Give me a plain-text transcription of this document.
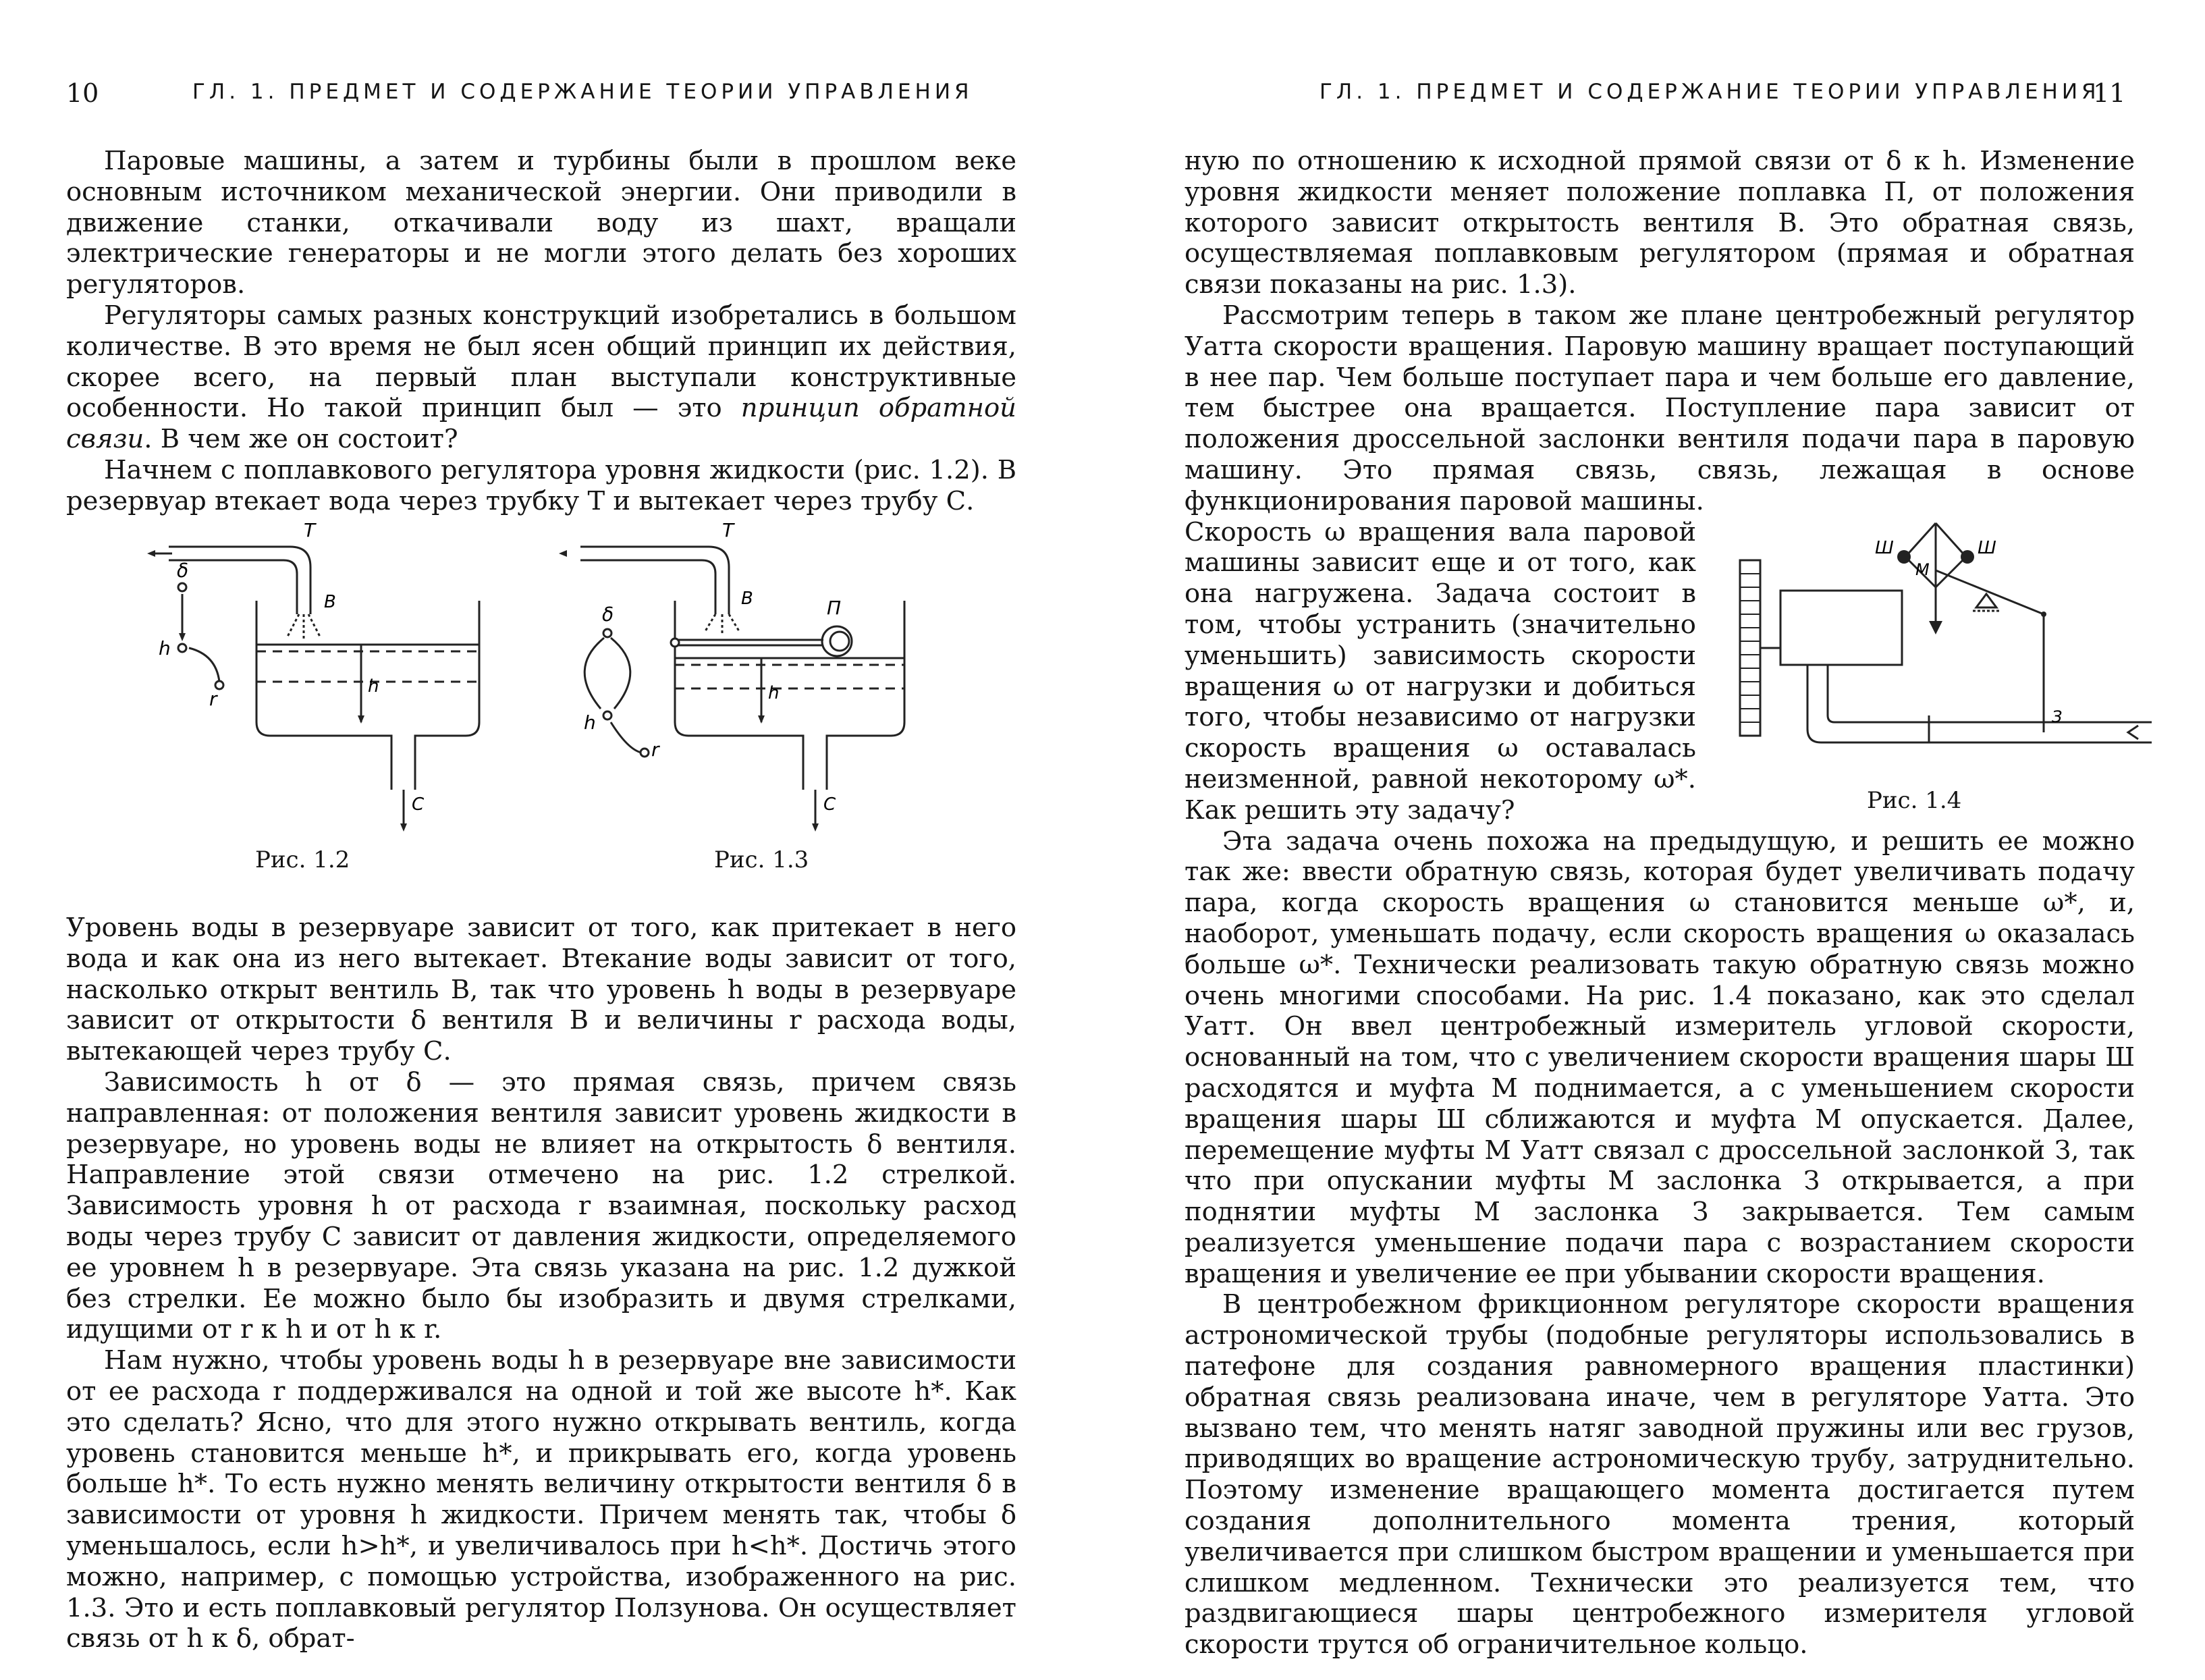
10	ГЛ. 1. ПРЕДМЕТ И СОДЕРЖАНИЕ ТЕОРИИ УПРАВЛЕНИЯ

Паровые машины, а затем и турбины были в прошлом веке основным источником механической энергии. Они приводили в движение станки, откачивали воду из шахт, вращали электрические генераторы и не могли этого делать без хороших регуляторов.

Регуляторы самых разных конструкций изобретались в большом количестве. В это время не был ясен общий принцип их действия, скорее всего, на первый план выступали конструктивные особенности. Но такой принцип был — это принцип обратной связи. В чем же он состоит?

Начнем с поплавкового регулятора уровня жидкости (рис. 1.2). В резервуар втекает вода через трубку Т и вытекает через трубу С.

Т
В
С
h
δ
h
r
Рис. 1.2
Т
В	П
С
h
δ
h
r
Рис. 1.3

Уровень воды в резервуаре зависит от того, как притекает в него вода и как она из него вытекает. Втекание воды зависит от того, насколько открыт вентиль В, так что уровень h воды в резервуаре зависит от открытости δ вентиля В и величины r расхода воды, вытекающей через трубу С.

Зависимость h от δ — это прямая связь, причем связь направленная: от положения вентиля зависит уровень жидкости в резервуаре, но уровень воды не влияет на открытость δ вентиля. Направление этой связи отмечено на рис. 1.2 стрелкой. Зависимость уровня h от расхода r взаимная, поскольку расход воды через трубу С зависит от давления жидкости, определяемого ее уровнем h в резервуаре. Эта связь указана на рис. 1.2 дужкой без стрелки. Ее можно было бы изобразить и двумя стрелками, идущими от r к h и от h к r.

Нам нужно, чтобы уровень воды h в резервуаре вне зависимости от ее расхода r поддерживался на одной и той же высоте h*. Как это сделать? Ясно, что для этого нужно открывать вентиль, когда уровень становится меньше h*, и прикрывать его, когда уровень больше h*. То есть нужно менять величину открытости вентиля δ в зависимости от уровня h жидкости. Причем менять так, чтобы δ уменьшалось, если h>h*, и увеличивалось при h<h*. Достичь этого можно, например, с помощью устройства, изображенного на рис. 1.3. Это и есть поплавковый регулятор Ползунова. Он осуществляет связь от h к δ, обрат-

ГЛ. 1. ПРЕДМЕТ И СОДЕРЖАНИЕ ТЕОРИИ УПРАВЛЕНИЯ
11

ную по отношению к исходной прямой связи от δ к h. Изменение уровня жидкости меняет положение поплавка П, от положения которого зависит открытость вентиля В. Это обратная связь, осуществляемая поплавковым регулятором (прямая и обратная связи показаны на рис. 1.3).

Рассмотрим теперь в таком же плане центробежный регулятор Уатта скорости вращения. Паровую машину вращает поступающий в нее пар. Чем больше поступает пара и чем больше его давление, тем быстрее она вращается. Поступление пара зависит от положения дроссельной заслонки вентиля подачи пара в паровую машину. Это прямая связь, связь, лежащая в основе функционирования паровой машины.

Скорость ω вращения вала паровой машины зависит еще и от того, как она нагружена. Задача состоит в том, чтобы устранить (значительно уменьшить) зависимость скорости вращения ω от нагрузки и добиться того, чтобы независимо от нагрузки скорость вращения ω оставалась неизменной, равной некоторому ω*. Как решить эту задачу?

Эта задача очень похожа на предыдущую, и решить ее можно так же: ввести обратную связь, которая будет увеличивать подачу пара, когда скорость вращения ω становится меньше ω*, и, наоборот, уменьшать подачу, если скорость вращения ω оказалась больше ω*. Технически реализовать такую обратную связь можно очень многими способами. На рис. 1.4 показано, как это сделал Уатт. Он ввел центробежный измеритель угловой скорости, основанный на том, что с увеличением скорости вращения шары Ш расходятся и муфта М поднимается, а с уменьшением скорости вращения шары Ш сближаются и муфта М опускается. Далее, перемещение муфты М Уатт связал с дроссельной заслонкой З, так что при опускании муфты М заслонка З открывается, а при поднятии муфты М заслонка З закрывается. Тем самым реализуется уменьшение подачи пара с возрастанием скорости вращения и увеличение ее при убывании скорости вращения.

В центробежном фрикционном регуляторе скорости вращения астрономической трубы (подобные регуляторы использовались в патефоне для создания равномерного вращения пластинки) обратная связь реализована иначе, чем в регуляторе Уатта. Это вызвано тем, что менять натяг заводной пружины или вес грузов, приводящих во вращение астрономическую трубу, затруднительно. Поэтому изменение вращающего момента достигается путем создания дополнительного момента трения, который увеличивается при слишком быстром вращении и уменьшается при слишком медленном. Технически это реализуется тем, что раздвигающиеся шары центробежного измерителя угловой скорости трутся об ограничительное кольцо.

Ш	Ш
М
З
Рис. 1.4
